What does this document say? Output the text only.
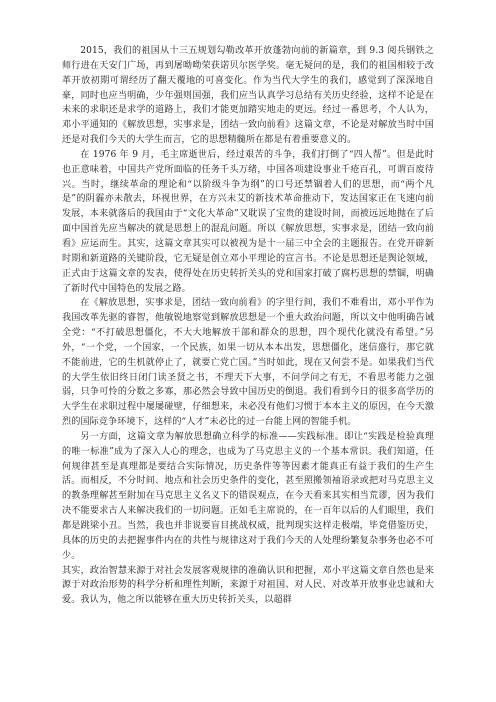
2015，我们的祖国从十三五规划勾勒改革开放蓬勃向前的新篇章，到 9.3 阅兵钢铁之师行进在天安门广场，再到屠呦呦荣获诺贝尔医学奖。毫无疑问的是，我们的祖国相较于改革开放初期可谓经历了翻天覆地的可喜变化。作为当代大学生的我们，感觉到了深深地自豪，同时也应当明确，少年强则国强，我们应当认真学习总结有关历史经验，这样不论是在未来的求职还是求学的道路上，我们才能更加踏实地走的更远。经过一番思考，个人认为，邓小平通知的《解放思想，实事求是，团结一致向前看》这篇文章，不论是对解放当时中国还是对我们今天的大学生而言，它的思想精髓所在都是有着重要意义的。

在 1976 年 9 月，毛主席逝世后，经过艰苦的斗争，我们打倒了“四人帮”。但是此时也正意味着，中国共产党所面临的任务千头万绪，中国各项建设事业千疮百孔，可谓百废待兴。当时，继续革命的理论和“以阶级斗争为纲”的口号还禁锢着人们的思想，而“两个凡是”的阴霾亦未散去，环视世界，在方兴未艾的新技术革命推动下，发达国家正在飞速向前发展，本来就落后的我国由于“文化大革命”又耽误了宝贵的建设时间，而被远远地抛在了后面中国首先应当解决的就是思想上的混乱问题。所以《解放思想，实事求是，团结一致向前看》应运而生。其实，这篇文章其实可以被视为是十一届三中全会的主题报告。在党开辟新时期和新道路的关键阶段，它无疑是创立邓小平理论的宣言书。不论是思想还是舆论领域，正式由于这篇文章的发表，使得处在历史转折关头的党和国家打破了腐朽思想的禁锢，明确了新时代中国特色的发展之路。

在《解放思想，实事求是，团结一致向前看》的字里行间，我们不难看出，邓小平作为我国改革先驱的睿智，他敏锐地察觉到解放思想是一个重大政治问题，所以文中他明确告诫全党：“不打破思想僵化，不大大地解放干部和群众的思想，四个现代化就没有希望。”另外，“一个党，一个国家，一个民族，如果一切从本本出发，思想僵化，迷信盛行，那它就不能前进，它的生机就停止了，就要亡党亡国。”当时如此，现在又何尝不是。如果我们当代的大学生依旧终日闭门读圣贤之书，不理天下大事，不问学问之有无，不看思考能力之强弱，只争可怜的分数之多寡，那必然会导致中国历史的倒退。我们看到今日的很多高学历的大学生在求职过程中屡屡碰壁，仔细想来，未必没有他们习惯于本本主义的原因，在今天激烈的国际竞争环境下，这样的“人才”未必比的过一台能上网的智能手机。

另一方面，这篇文章为解放思想确立科学的标准——实践标准。即让“实践是检验真理的唯一标准”成为了深入人心的理念，也成为了马克思主义的一个基本常识。我们知道，任何规律甚至是真理都是要结合实际情况，历史条件等等因素才能真正有益于我们的生产生活。而相反，不分时间、地点和社会历史条件的变化，甚至照搬领袖语录或把对马克思主义的教条理解甚至附加在马克思主义名义下的错误观点，在今天看来其实相当荒谬，因为我们决不能要求古人来解决我们的一切问题。正如毛主席说的，在一百年以后的人们眼里，我们都是跳梁小丑。当然，我也并非说要盲目挑战权威，批判现实这样走极端，毕竟借鉴历史，具体的历史的去把握事件内在的共性与规律这对于我们今天的人处理纷繁复杂事务也必不可少。

其实，政治智慧来源于对社会发展客观规律的准确认识和把握，邓小平这篇文章自然也是来源于对政治形势的科学分析和理性判断，来源于对祖国、对人民、对改革开放事业忠诚和大爱。我认为，他之所以能够在重大历史转折关头，以超群
